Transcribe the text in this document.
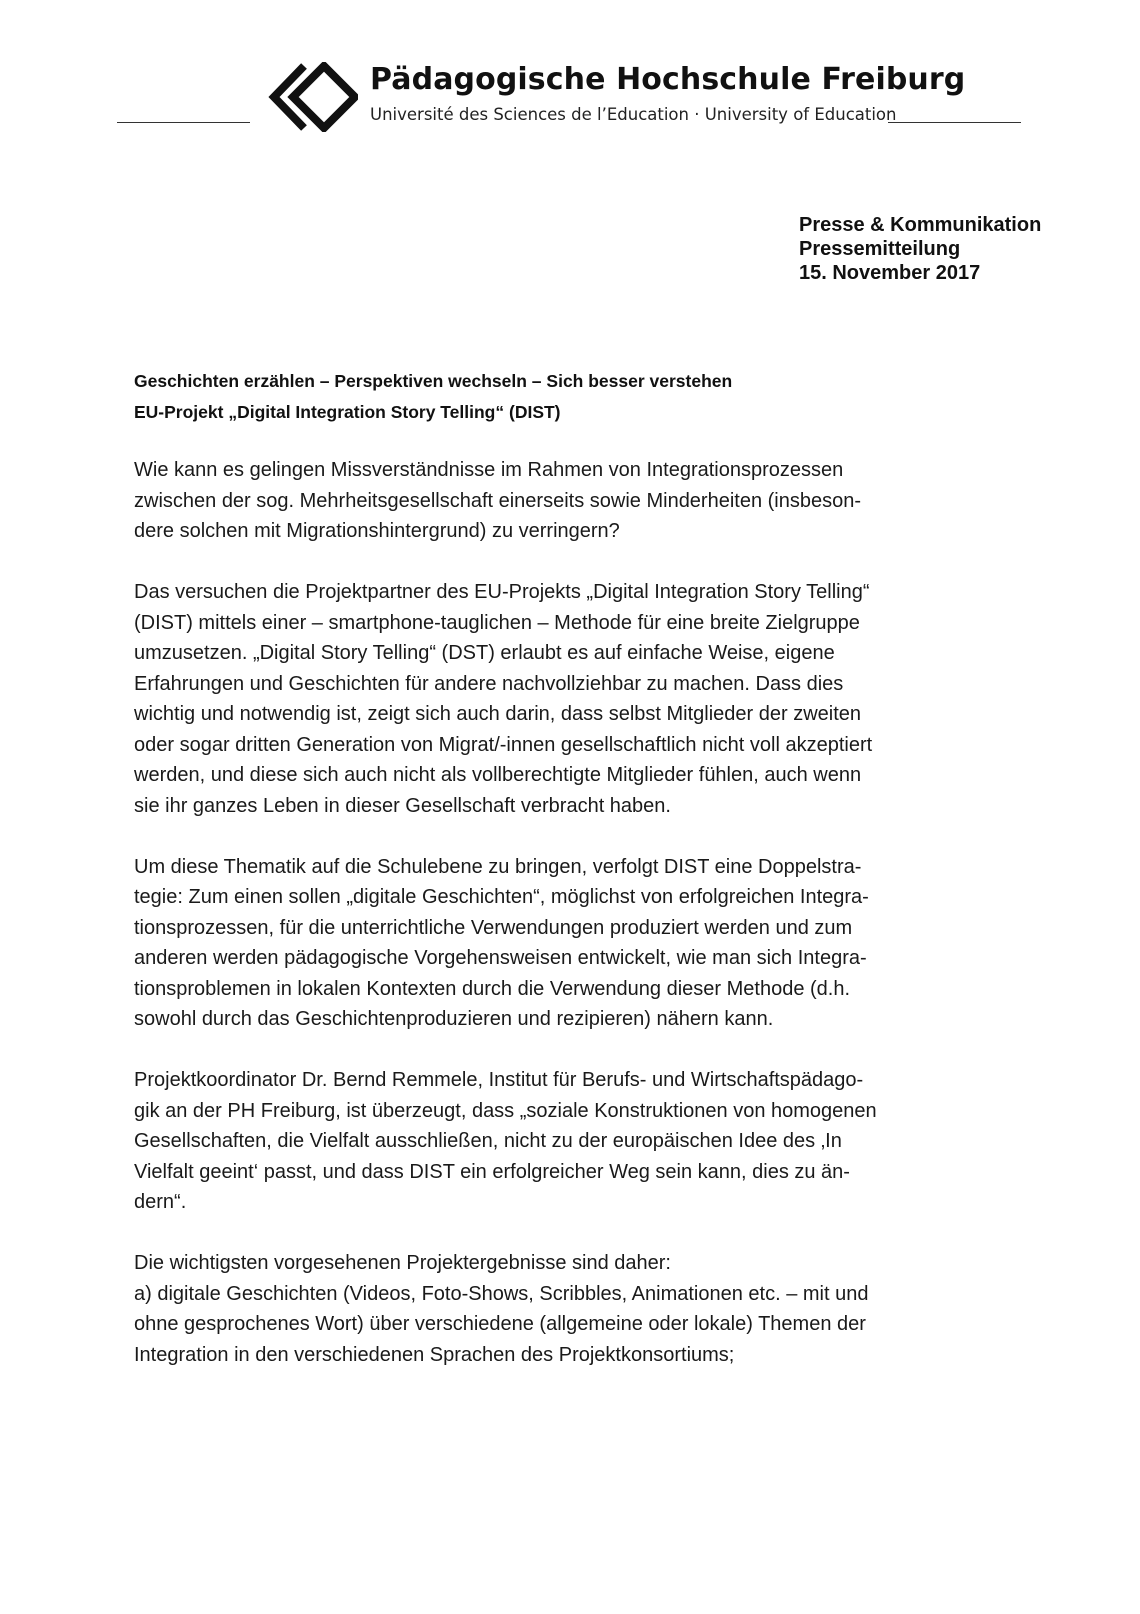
Pädagogische Hochschule Freiburg
Université des Sciences de l’Education · University of Education
Presse & Kommunikation
Pressemitteilung
15. November 2017
Geschichten erzählen – Perspektiven wechseln – Sich besser verstehen
EU-Projekt „Digital Integration Story Telling“ (DIST)
Wie kann es gelingen Missverständnisse im Rahmen von Integrationsprozessen
zwischen der sog. Mehrheitsgesellschaft einerseits sowie Minderheiten (insbeson-
dere solchen mit Migrationshintergrund) zu verringern?
Das versuchen die Projektpartner des EU-Projekts „Digital Integration Story Telling“
(DIST) mittels einer – smartphone-tauglichen – Methode für eine breite Zielgruppe
umzusetzen. „Digital Story Telling“ (DST) erlaubt es auf einfache Weise, eigene
Erfahrungen und Geschichten für andere nachvollziehbar zu machen. Dass dies
wichtig und notwendig ist, zeigt sich auch darin, dass selbst Mitglieder der zweiten
oder sogar dritten Generation von Migrat/-innen gesellschaftlich nicht voll akzeptiert
werden, und diese sich auch nicht als vollberechtigte Mitglieder fühlen, auch wenn
sie ihr ganzes Leben in dieser Gesellschaft verbracht haben.
Um diese Thematik auf die Schulebene zu bringen, verfolgt DIST eine Doppelstra-
tegie: Zum einen sollen „digitale Geschichten“, möglichst von erfolgreichen Integra-
tionsprozessen, für die unterrichtliche Verwendungen produziert werden und zum
anderen werden pädagogische Vorgehensweisen entwickelt, wie man sich Integra-
tionsproblemen in lokalen Kontexten durch die Verwendung dieser Methode (d.h.
sowohl durch das Geschichtenproduzieren und rezipieren) nähern kann.
Projektkoordinator Dr. Bernd Remmele, Institut für Berufs- und Wirtschaftspädago-
gik an der PH Freiburg, ist überzeugt, dass „soziale Konstruktionen von homogenen
Gesellschaften, die Vielfalt ausschließen, nicht zu der europäischen Idee des ‚In
Vielfalt geeint‘ passt, und dass DIST ein erfolgreicher Weg sein kann, dies zu än-
dern“.
Die wichtigsten vorgesehenen Projektergebnisse sind daher:
a) digitale Geschichten (Videos, Foto-Shows, Scribbles, Animationen etc. – mit und
ohne gesprochenes Wort) über verschiedene (allgemeine oder lokale) Themen der
Integration in den verschiedenen Sprachen des Projektkonsortiums;
